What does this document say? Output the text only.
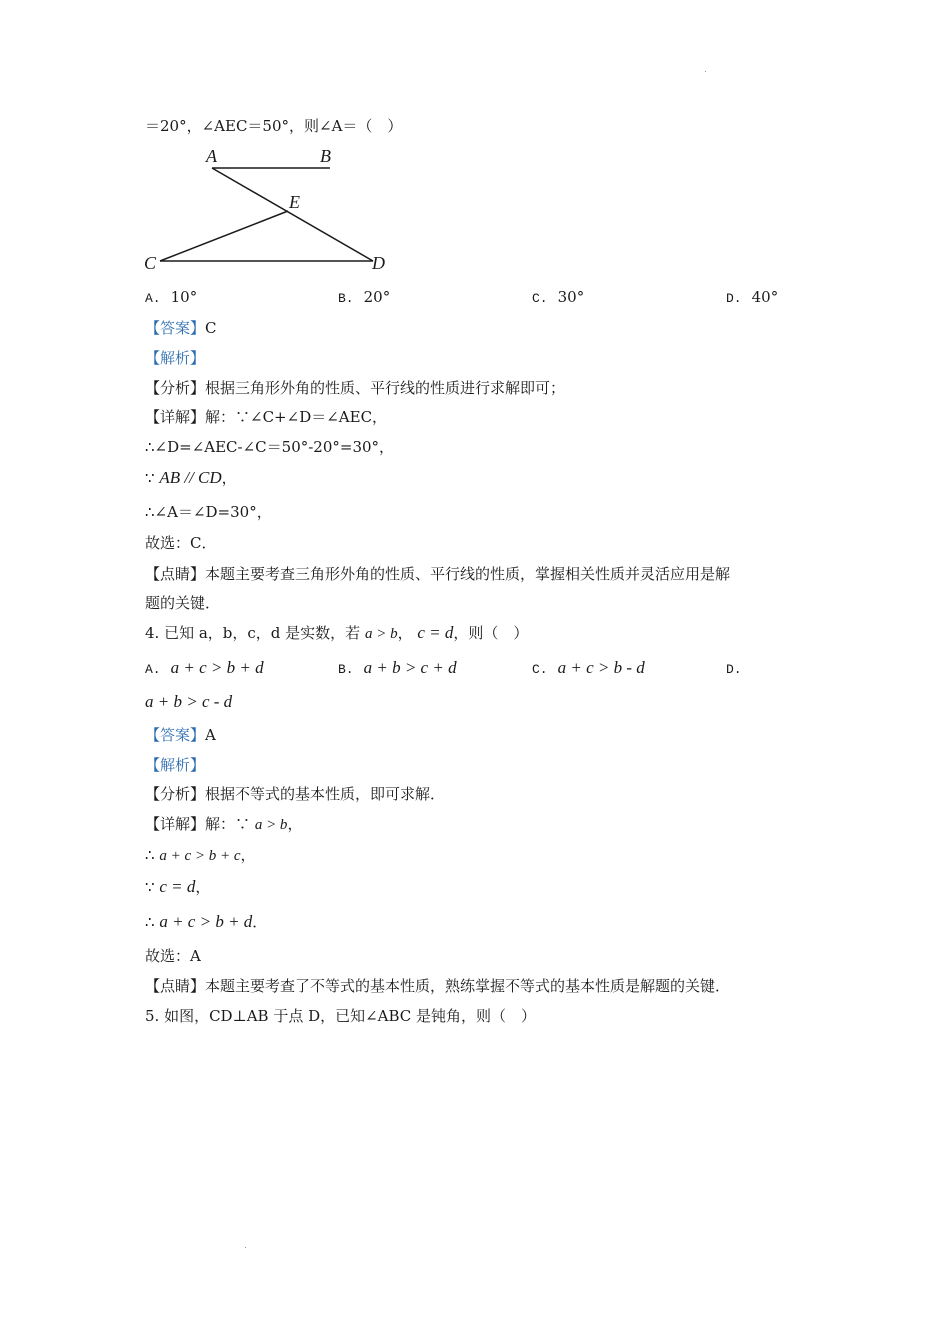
＝20°，∠AEC＝50°，则∠A＝（　）
A	B
E
C	D
A. 10°	B. 20°	C. 30°	D. 40°
【答案】C
【解析】
【分析】根据三角形外角的性质、平行线的性质进行求解即可；
【详解】解：∵∠C+∠D＝∠AEC，
∴∠D=∠AEC-∠C＝50°-20°=30°，
∵ AB // CD，
∴∠A＝∠D=30°，
故选：C．
【点睛】本题主要考查三角形外角的性质、平行线的性质，掌握相关性质并灵活应用是解
题的关键．
4. 已知 a，b，c，d 是实数，若 a > b， c = d，则（　）
A. a + c > b + d	B. a + b > c + d	C. a + c > b - d	D.
a + b > c - d
【答案】A
【解析】
【分析】根据不等式的基本性质，即可求解．
【详解】解：∵ a > b，
∴ a + c > b + c，
∵ c = d，
∴ a + c > b + d．
故选：A
【点睛】本题主要考查了不等式的基本性质，熟练掌握不等式的基本性质是解题的关键．
5. 如图，CD⊥AB 于点 D，已知∠ABC 是钝角，则（　）
